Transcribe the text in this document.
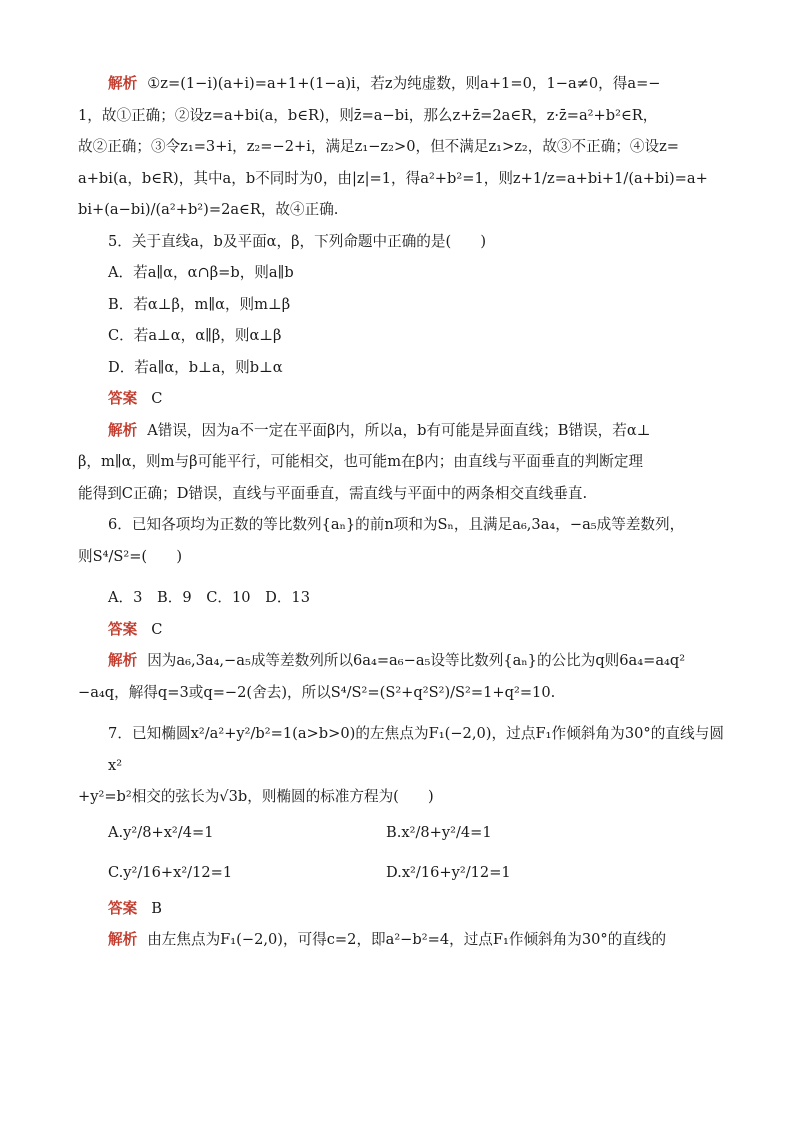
解析 ①z=(1−i)(a+i)=a+1+(1−a)i，若z为纯虚数，则a+1=0，1−a≠0，得a=−

1，故①正确；②设z=a+bi(a，b∈R)，则z̄=a−bi，那么z+z̄=2a∈R，z·z̄=a²+b²∈R，

故②正确；③令z₁=3+i，z₂=−2+i，满足z₁−z₂>0，但不满足z₁>z₂，故③不正确；④设z=

a+bi(a，b∈R)，其中a，b不同时为0，由|z|=1，得a²+b²=1，则z+1/z=a+bi+1/(a+bi)=a+

bi+(a−bi)/(a²+b²)=2a∈R，故④正确.

5．关于直线a，b及平面α，β，下列命题中正确的是(　　)

A．若a∥α，α∩β=b，则a∥b

B．若α⊥β，m∥α，则m⊥β

C．若a⊥α，α∥β，则α⊥β

D．若a∥α，b⊥a，则b⊥α

答案 C

解析 A错误，因为a不一定在平面β内，所以a，b有可能是异面直线；B错误，若α⊥

β，m∥α，则m与β可能平行，可能相交，也可能m在β内；由直线与平面垂直的判断定理

能得到C正确；D错误，直线与平面垂直，需直线与平面中的两条相交直线垂直.

6．已知各项均为正数的等比数列{aₙ}的前n项和为Sₙ，且满足a₆,3a₄，−a₅成等差数列，

则S⁴/S²=(　　)

A．3　B．9　C．10　D．13

答案 C

解析 因为a₆,3a₄,−a₅成等差数列所以6a₄=a₆−a₅设等比数列{aₙ}的公比为q则6a₄=a₄q²

−a₄q，解得q=3或q=−2(舍去)，所以S⁴/S²=(S²+q²S²)/S²=1+q²=10.

7．已知椭圆x²/a²+y²/b²=1(a>b>0)的左焦点为F₁(−2,0)，过点F₁作倾斜角为30°的直线与圆x²

+y²=b²相交的弦长为√3b，则椭圆的标准方程为(　　)

A.y²/8+x²/4=1	B.x²/8+y²/4=1
C.y²/16+x²/12=1	D.x²/16+y²/12=1

答案 B

解析 由左焦点为F₁(−2,0)，可得c=2，即a²−b²=4，过点F₁作倾斜角为30°的直线的
